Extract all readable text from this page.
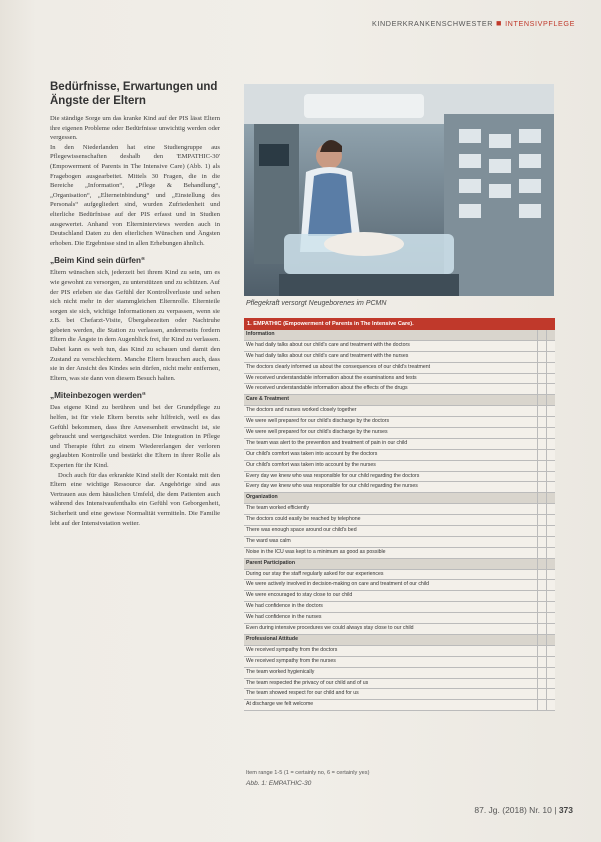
KINDERKRANKENSCHWESTER ■ INTENSIVPFLEGE
Bedürfnisse, Erwartungen und Ängste der Eltern

Die ständige Sorge um das kranke Kind auf der PIS lässt Eltern ihre eigenen Probleme oder Bedürfnisse unwichtig werden oder vergessen.

In den Niederlanden hat eine Studiengruppe aus Pflegewissenschaften deshalb den 'EMPATHIC-30' (Empowerment of Parents in The Intensive Care) (Abb. 1) als Fragebogen ausgearbeitet. Mittels 30 Fragen, die in die Bereiche „Information“, „Pflege & Behandlung“, „Organisation“, „Elterneinbindung“ und „Einstellung des Personals“ aufgegliedert sind, wurden Zufriedenheit und elterliche Bedürfnisse auf der PIS erfasst und in Studien ausgewertet. Anhand von Elterninterviews werden auch in Deutschland Daten zu den elterlichen Wünschen und Ängsten erhoben. Die Ergebnisse sind in allen Erhebungen ähnlich.

„Beim Kind sein dürfen“

Eltern wünschen sich, jederzeit bei ihrem Kind zu sein, um es wie gewohnt zu versorgen, zu unterstützen und zu schützen. Auf der PIS erleben sie das Gefühl der Kontrollverluste und sehen sich nicht mehr in der stammgleichen Elternrolle. Elternteile sorgen sie sich, wichtige Informationen zu verpassen, wenn sie z.B. bei Chefarzt-Visite, Übergabezeiten oder Nachtruhe gebeten werden, die Station zu verlassen, andererseits fordern Eltern die Ängste in dem Augenblick frei, ihr Kind zu verlassen. Dabei kann es weh tun, das Kind zu schauen und damit den Zustand zu verschlechtern. Manche Eltern brauchen auch, dass sie in der Ansicht des Kindes sein dürfen, nicht mehr entfernen, Eltern, was sie dann von diesem Besuch halten.

„Miteinbezogen werden“

Das eigene Kind zu berühren und bei der Grundpflege zu helfen, ist für viele Eltern bereits sehr hilfreich, weil es das Gefühl bekommen, dass ihre Anwesenheit erwünscht ist, sie gebraucht und wertgeschätzt werden. Die Integration in Pflege und Therapie führt zu einem Wiedererlangen der verloren geglaubten Kontrolle und bestärkt die Eltern in ihrer Rolle als Experten für ihr Kind.

Doch auch für das erkrankte Kind stellt der Kontakt mit den Eltern eine wichtige Ressource dar. Angehörige sind aus Vertrauen aus dem häuslichen Umfeld, die dem Patienten auch während des Intensivaufenthalts ein Gefühl von Geborgenheit, Sicherheit und eine gewisse Normalität vermitteln. Die Familie lebt auf der Intensivstation weiter.

Pflegekraft versorgt Neugeborenes im PCMN
1. EMPATHIC (Empowerment of Parents in The Intensive Care).
Information
We had daily talks about our child's care and treatment with the doctors
We had daily talks about our child's care and treatment with the nurses
The doctors clearly informed us about the consequences of our child's treatment
We received understandable information about the examinations and tests
We received understandable information about the effects of the drugs
Care & Treatment
The doctors and nurses worked closely together
We were well prepared for our child's discharge by the doctors
We were well prepared for our child's discharge by the nurses
The team was alert to the prevention and treatment of pain in our child
Our child's comfort was taken into account by the doctors
Our child's comfort was taken into account by the nurses
Every day we knew who was responsible for our child regarding the doctors
Every day we knew who was responsible for our child regarding the nurses
Organization
The team worked efficiently
The doctors could easily be reached by telephone
There was enough space around our child's bed
The ward was calm
Noise in the ICU was kept to a minimum as good as possible
Parent Participation
During our stay the staff regularly asked for our experiences
We were actively involved in decision-making on care and treatment of our child
We were encouraged to stay close to our child
We had confidence in the doctors
We had confidence in the nurses
Even during intensive procedures we could always stay close to our child
Professional Attitude
We received sympathy from the doctors
We received sympathy from the nurses
The team worked hygienically
The team respected the privacy of our child and of us
The team showed respect for our child and for us
At discharge we felt welcome
Item range 1-5 (1 = certainly no, 6 = certainly yes)
Abb. 1: EMPATHIC-30
87. Jg. (2018) Nr. 10 | 373
